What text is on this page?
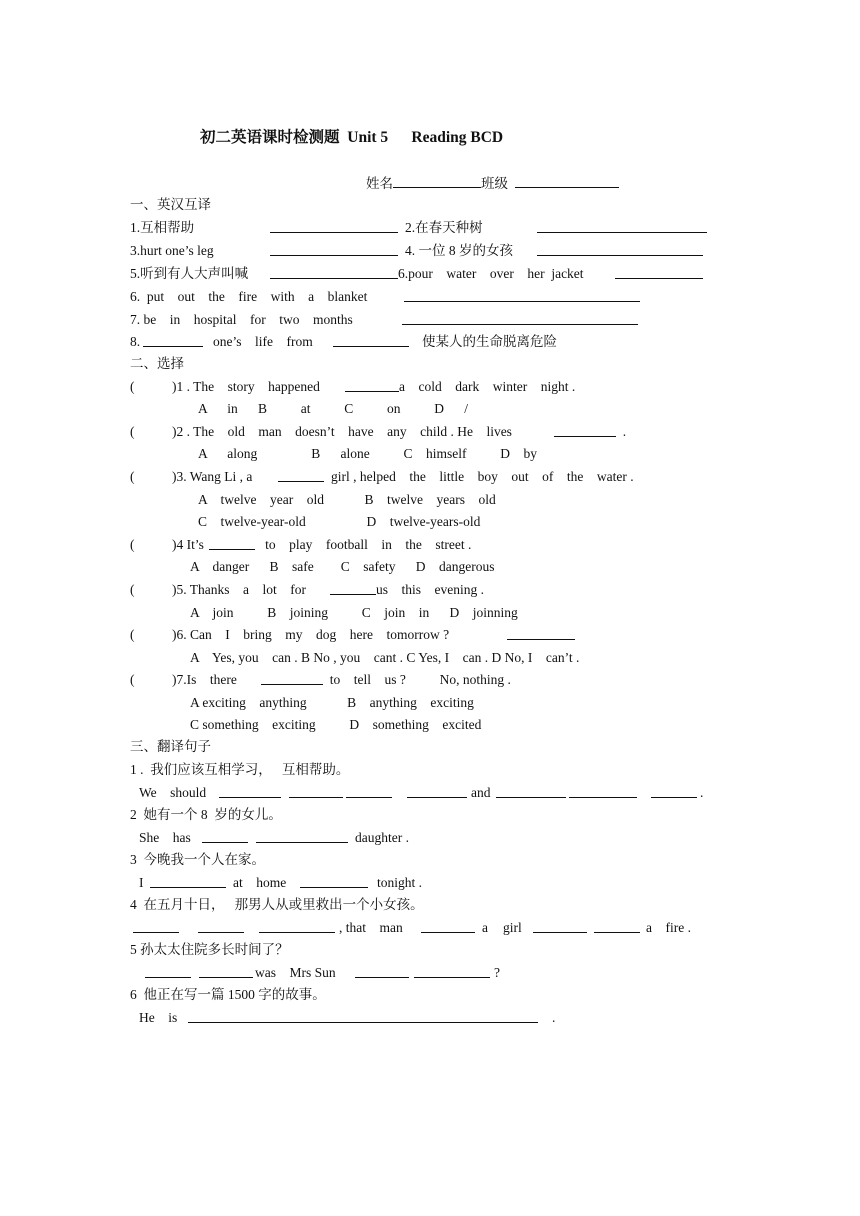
初二英语课时检测题  Unit 5      Reading BCD
姓名	班级
一、英汉互译
1.互相帮助	2.在春天种树
3.hurt one’s leg	4. 一位 8 岁的女孩
5.听到有人大声叫喊	6.pour    water    over    her  jacket
6.  put    out    the    fire    with    a    blanket
7. be    in    hospital    for    two    months
8.	one’s    life    from	使某人的生命脱离危险
二、选择
(	)1 . The    story    happened	a    cold    dark    winter    night .
A      in      B          at          C          on          D      /
(	)2 . The    old    man    doesn’t    have    any    child . He    lives	.
A      along                B      alone          C    himself          D    by
(	)3. Wang Li , a	girl , helped    the    little    boy    out    of    the    water .
A    twelve    year    old            B    twelve    years    old
C    twelve-year-old                  D    twelve-years-old
(	)4 It’s	to    play    football    in    the    street .
A    danger      B    safe        C    safety      D    dangerous
(	)5. Thanks    a    lot    for	us    this    evening .
A    join          B    joining          C    join    in      D    joinning
(	)6. Can    I    bring    my    dog    here    tomorrow ?
A    Yes, you    can . B No , you    cant . C Yes, I    can . D No, I    can’t .
(	)7.Is    there	to    tell    us ?          No, nothing .
A exciting    anything            B    anything    exciting
C something    exciting          D    something    excited
三、翻译句子
1 .  我们应该互相学习，   互相帮助。
We    should	and	.
2  她有一个 8  岁的女儿。
She    has	daughter .
3  今晚我一个人在家。
I	at    home	tonight .
4  在五月十日，   那男人从或里救出一个小女孩。
, that    man	a girl	a    fire .
5 孙太太住院多长时间了？
was    Mrs Sun	?
6  他正在写一篇 1500 字的故事。
He    is	.
